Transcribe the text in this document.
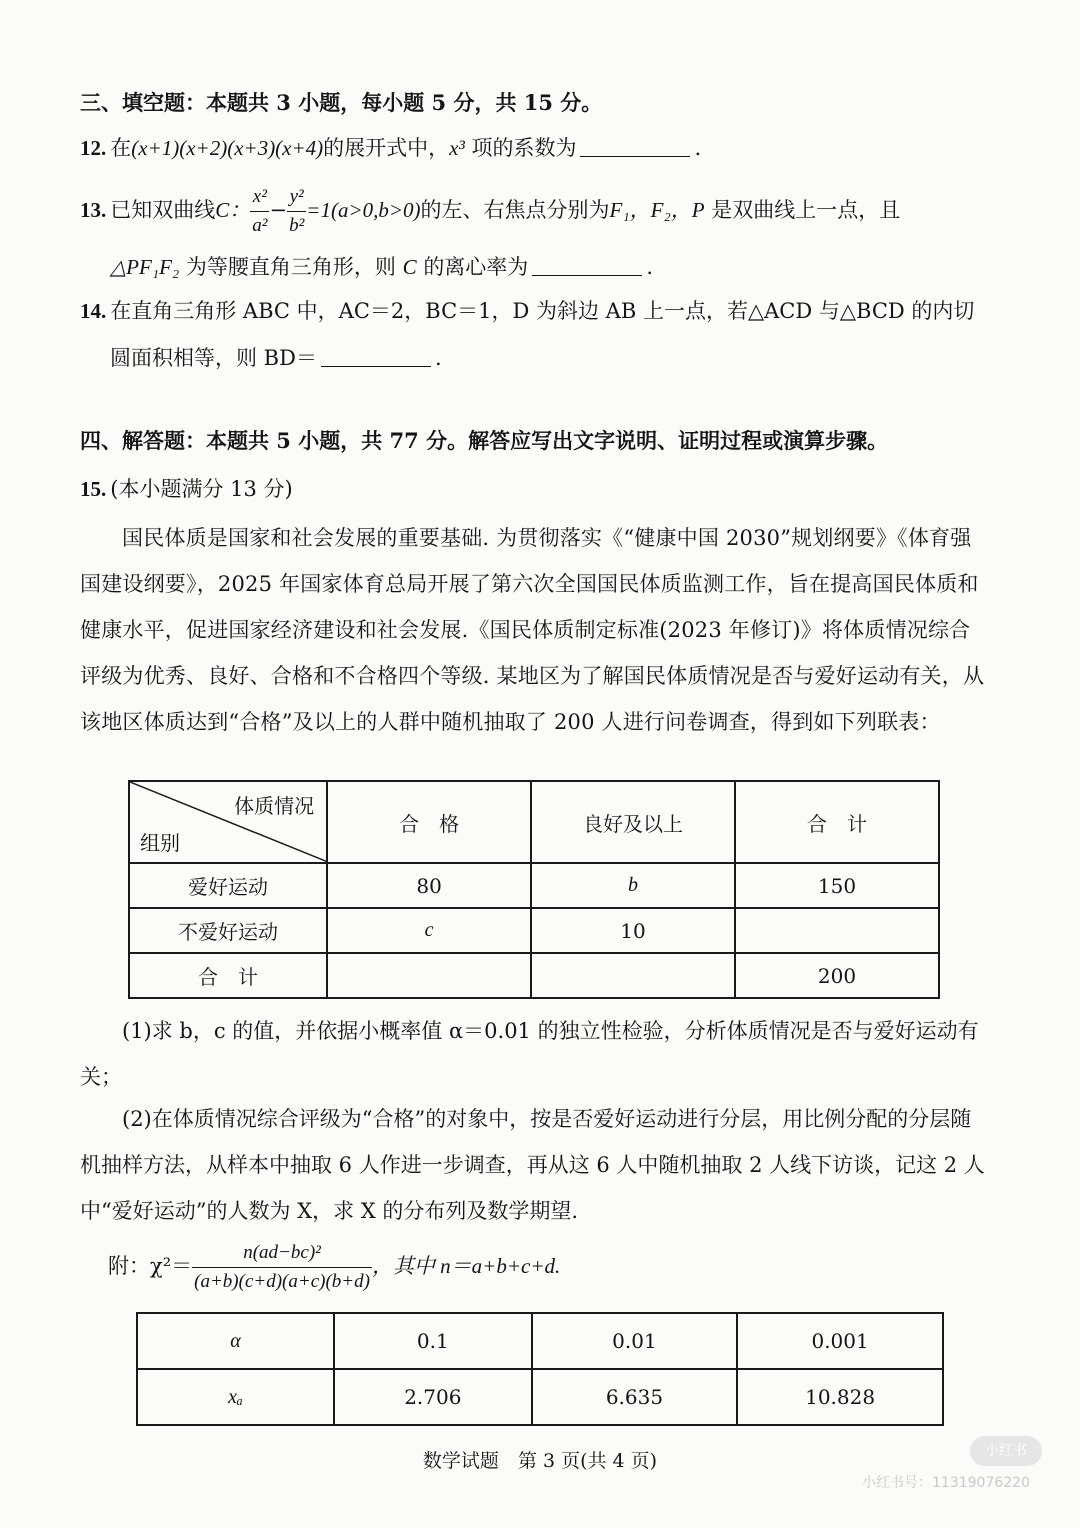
三、填空题：本题共 3 小题，每小题 5 分，共 15 分。
12. 在(x+1)(x+2)(x+3)(x+4)的展开式中，x³ 项的系数为	.
13. 已知双曲线C： $\frac{\text{x²}}{\text{a²}} - \frac{\text{y²}}{\text{b²}} =1(a>0,b>0)$的左、右焦点分别为F₁，F₂，P 是双曲线上一点，且
△PF₁F₂ 为等腰直角三角形，则 C 的离心率为	.
14. 在直角三角形 ABC 中，AC＝2，BC＝1，D 为斜边 AB 上一点，若△ACD 与△BCD 的内切
圆面积相等，则 BD＝	.
四、解答题：本题共 5 小题，共 77 分。解答应写出文字说明、证明过程或演算步骤。
15. (本小题满分 13 分)
国民体质是国家和社会发展的重要基础. 为贯彻落实《“健康中国 2030”规划纲要》《体育强国建设纲要》，2025 年国家体育总局开展了第六次全国国民体质监测工作，旨在提高国民体质和健康水平，促进国家经济建设和社会发展.《国民体质制定标准(2023 年修订)》将体质情况综合评级为优秀、良好、合格和不合格四个等级. 某地区为了解国民体质情况是否与爱好运动有关，从该地区体质达到“合格”及以上的人群中随机抽取了 200 人进行问卷调查，得到如下列联表：
体质情况
组别	合　格	良好及以上	合　计
爱好运动	80	b	150
不爱好运动	c	10	
合　计			200
(1)求 b，c 的值，并依据小概率值 α＝0.01 的独立性检验，分析体质情况是否与爱好运动有关；
(2)在体质情况综合评级为“合格”的对象中，按是否爱好运动进行分层，用比例分配的分层随机抽样方法，从样本中抽取 6 人作进一步调查，再从这 6 人中随机抽取 2 人线下访谈，记这 2 人中“爱好运动”的人数为 X，求 X 的分布列及数学期望.
附：$\chi^2= \frac{\text{n(ad−bc)²}}{(a+b)(c+d)(a+c)(b+d)}$ ，其中 n＝a+b+c+d.
α	0.1	0.01	0.001
xₐ	2.706	6.635	10.828
数学试题　第 3 页(共 4 页)	小红书
小红书号：11319076220
